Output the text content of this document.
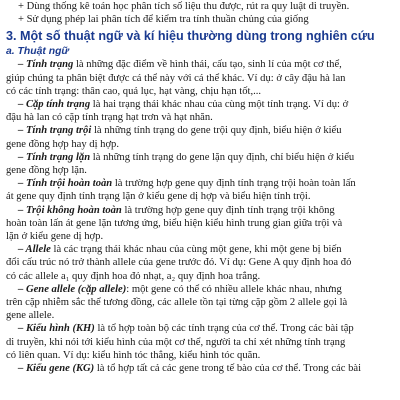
+ Dùng thống kê toán học phân tích số liệu thu được, rút ra quy luật di truyền.
+ Sử dụng phép lai phân tích để kiểm tra tính thuần chủng của giống
3. Một số thuật ngữ và kí hiệu thường dùng trong nghiên cứu
a. Thuật ngữ
– Tính trạng là những đặc điểm về hình thái, cấu tạo, sinh lí của một cơ thể,
giúp chúng ta phân biệt được cá thể này với cá thể khác. Ví dụ: ở cây đậu hà lan
có các tính trạng: thân cao, quả lục, hạt vàng, chịu hạn tốt,...
– Cặp tính trạng là hai trạng thái khác nhau của cùng một tính trạng. Ví dụ: ở
đậu hà lan có cặp tính trạng hạt trơn và hạt nhăn.
– Tính trạng trội là những tính trạng do gene trội quy định, biểu hiện ở kiểu
gene đồng hợp hay dị hợp.
– Tính trạng lặn là những tính trạng do gene lặn quy định, chỉ biểu hiện ở kiểu
gene đồng hợp lặn.
– Tính trội hoàn toàn là trường hợp gene quy định tính trạng trội hoàn toàn lấn
át gene quy định tính trạng lặn ở kiểu gene dị hợp và biểu hiện tính trội.
– Trội không hoàn toàn là trường hợp gene quy định tính trạng trội không
hoàn toàn lấn át gene lặn tương ứng, biểu hiện kiểu hình trung gian giữa trội và
lặn ở kiểu gene dị hợp.
– Allele là các trạng thái khác nhau của cùng một gene, khi một gene bị biến
đổi cấu trúc nó trở thành allele của gene trước đó. Ví dụ: Gene A quy định hoa đỏ
có các allele a₁ quy định hoa đỏ nhạt, a₂ quy định hoa trắng.
– Gene allele (cặp allele): một gene có thể có nhiều allele khác nhau, nhưng
trên cặp nhiễm sắc thể tương đồng, các allele tồn tại từng cặp gồm 2 allele gọi là
gene allele.
– Kiểu hình (KH) là tổ hợp toàn bộ các tính trạng của cơ thể. Trong các bài tập
di truyền, khi nói tới kiểu hình của một cơ thể, người ta chỉ xét những tính trạng
có liên quan. Ví dụ: kiểu hình tóc thẳng, kiểu hình tóc quăn.
– Kiểu gene (KG) là tổ hợp tất cả các gene trong tế bào của cơ thể. Trong các bài
